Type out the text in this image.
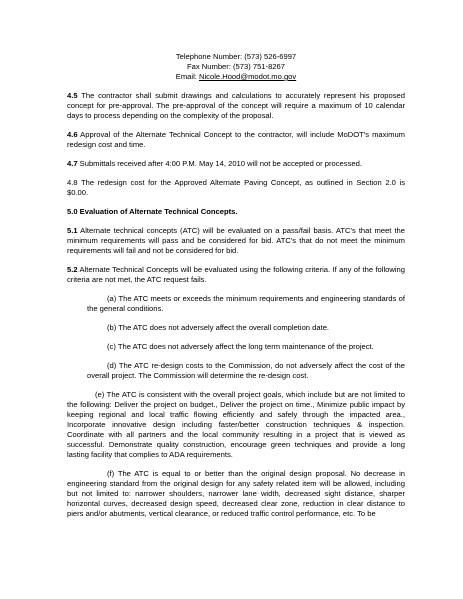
Telephone Number: (573) 526-6997
Fax Number: (573) 751-8267
Email: Nicole.Hood@modot.mo.gov

4.5 The contractor shall submit drawings and calculations to accurately represent his proposed concept for pre-approval. The pre-approval of the concept will require a maximum of 10 calendar days to process depending on the complexity of the proposal.

4.6 Approval of the Alternate Technical Concept to the contractor, will include MoDOT's maximum redesign cost and time.

4.7 Submittals received after 4:00 P.M. May 14, 2010 will not be accepted or processed.

4.8 The redesign cost for the Approved Alternate Paving Concept, as outlined in Section 2.0 is $0.00.

5.0 Evaluation of Alternate Technical Concepts.

5.1 Alternate technical concepts (ATC) will be evaluated on a pass/fail basis. ATC's that meet the minimum requirements will pass and be considered for bid. ATC's that do not meet the minimum requirements will fail and not be considered for bid.

5.2 Alternate Technical Concepts will be evaluated using the following criteria. If any of the following criteria are not met, the ATC request fails.

(a) The ATC meets or exceeds the minimum requirements and engineering standards of the general conditions.

(b) The ATC does not adversely affect the overall completion date.

(c) The ATC does not adversely affect the long term maintenance of the project.

(d) The ATC re-design costs to the Commission, do not adversely affect the cost of the overall project. The Commission will determine the re-design cost.

(e) The ATC is consistent with the overall project goals, which include but are not limited to the following: Deliver the project on budget., Deliver the project on time., Minimize public impact by keeping regional and local traffic flowing efficiently and safely through the impacted area., Incorporate innovative design including faster/better construction techniques & inspection. Coordinate with all partners and the local community resulting in a project that is viewed as successful. Demonstrate quality construction, encourage green techniques and provide a long lasting facility that complies to ADA requirements.

(f) The ATC is equal to or better than the original design proposal. No decrease in engineering standard from the original design for any safety related item will be allowed, including but not limited to: narrower shoulders, narrower lane width, decreased sight distance, sharper horizontal curves, decreased design speed, decreased clear zone, reduction in clear distance to piers and/or abutments, vertical clearance, or reduced traffic control performance, etc. To be
